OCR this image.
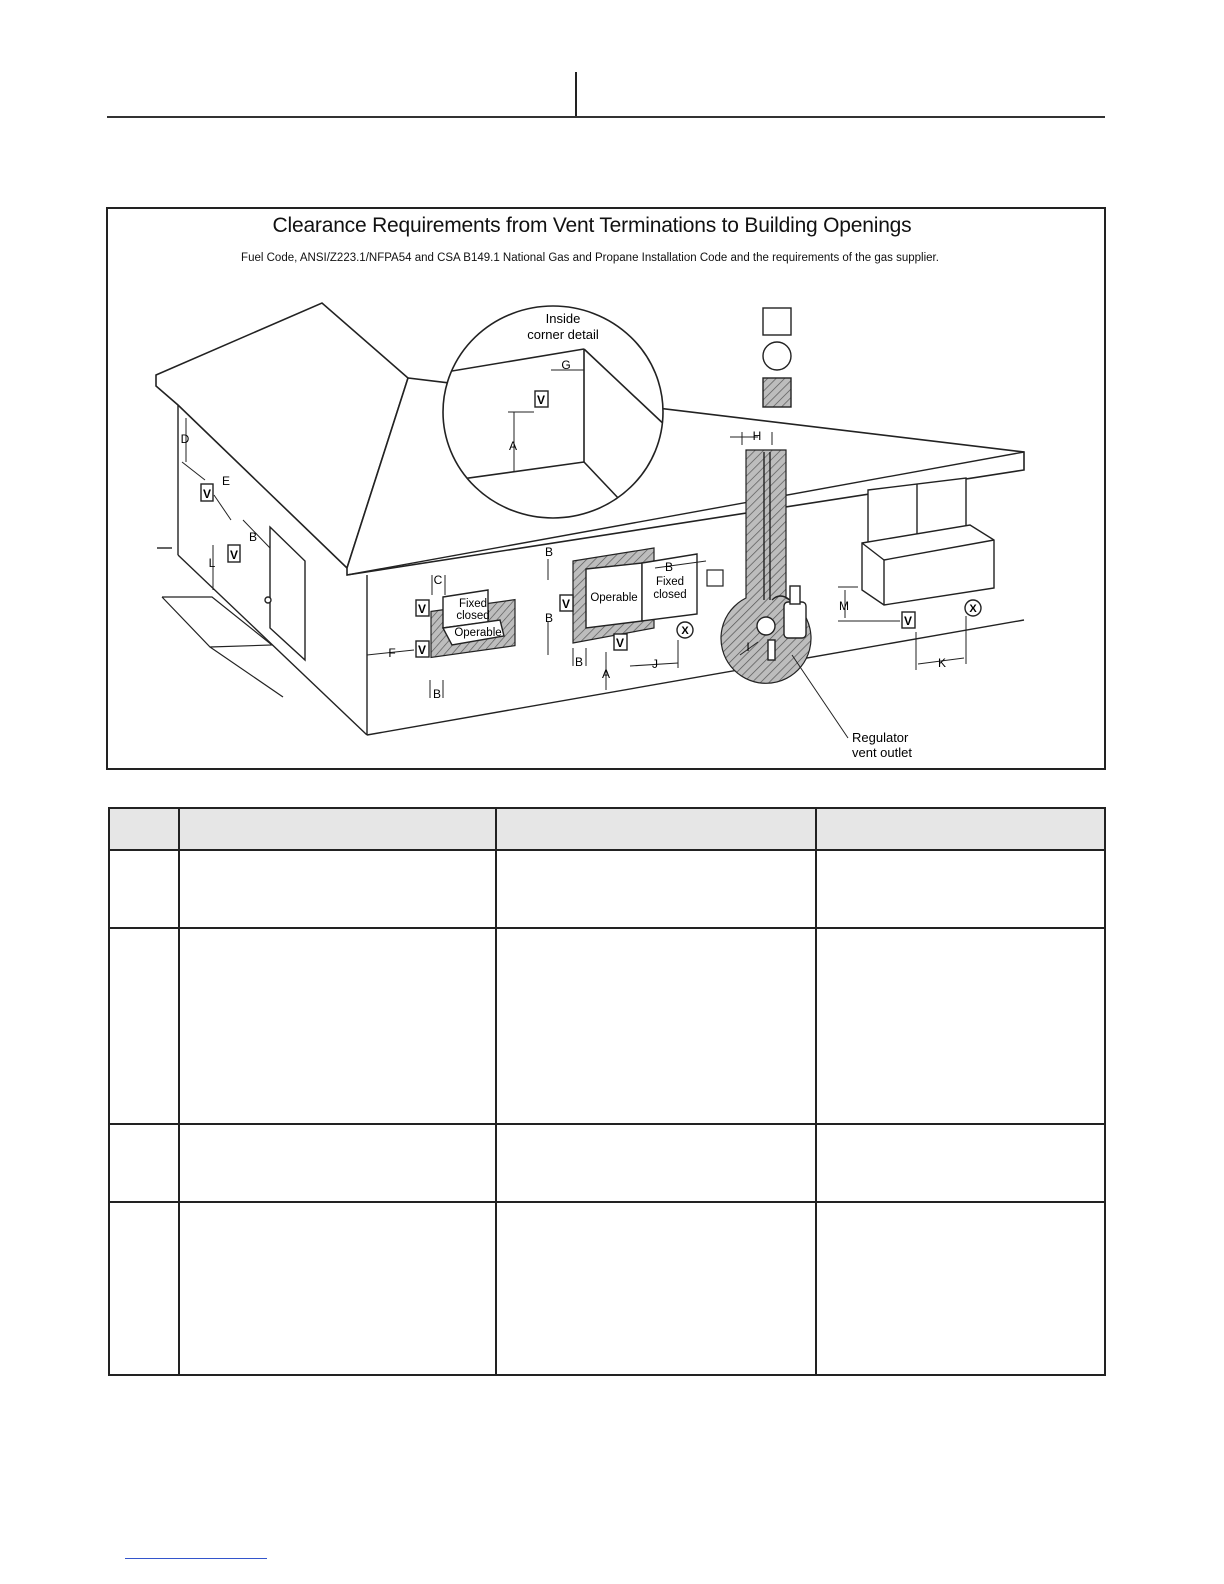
Clearance Requirements from Vent Terminations to Building Openings
Fuel Code, ANSI/Z223.1/NFPA54 and CSA B149.1 National Gas and Propane Installation Code and the requirements of the gas supplier.
V
V
D
E
B
L
V
G
A
Inside
corner detail
Fixed
closed
Operable
V
V
F
C
B
Operable
Fixed
closed
V
V
X
B
B
B
B
A
J
H
I
Regulator
vent outlet
V
X
M
K
